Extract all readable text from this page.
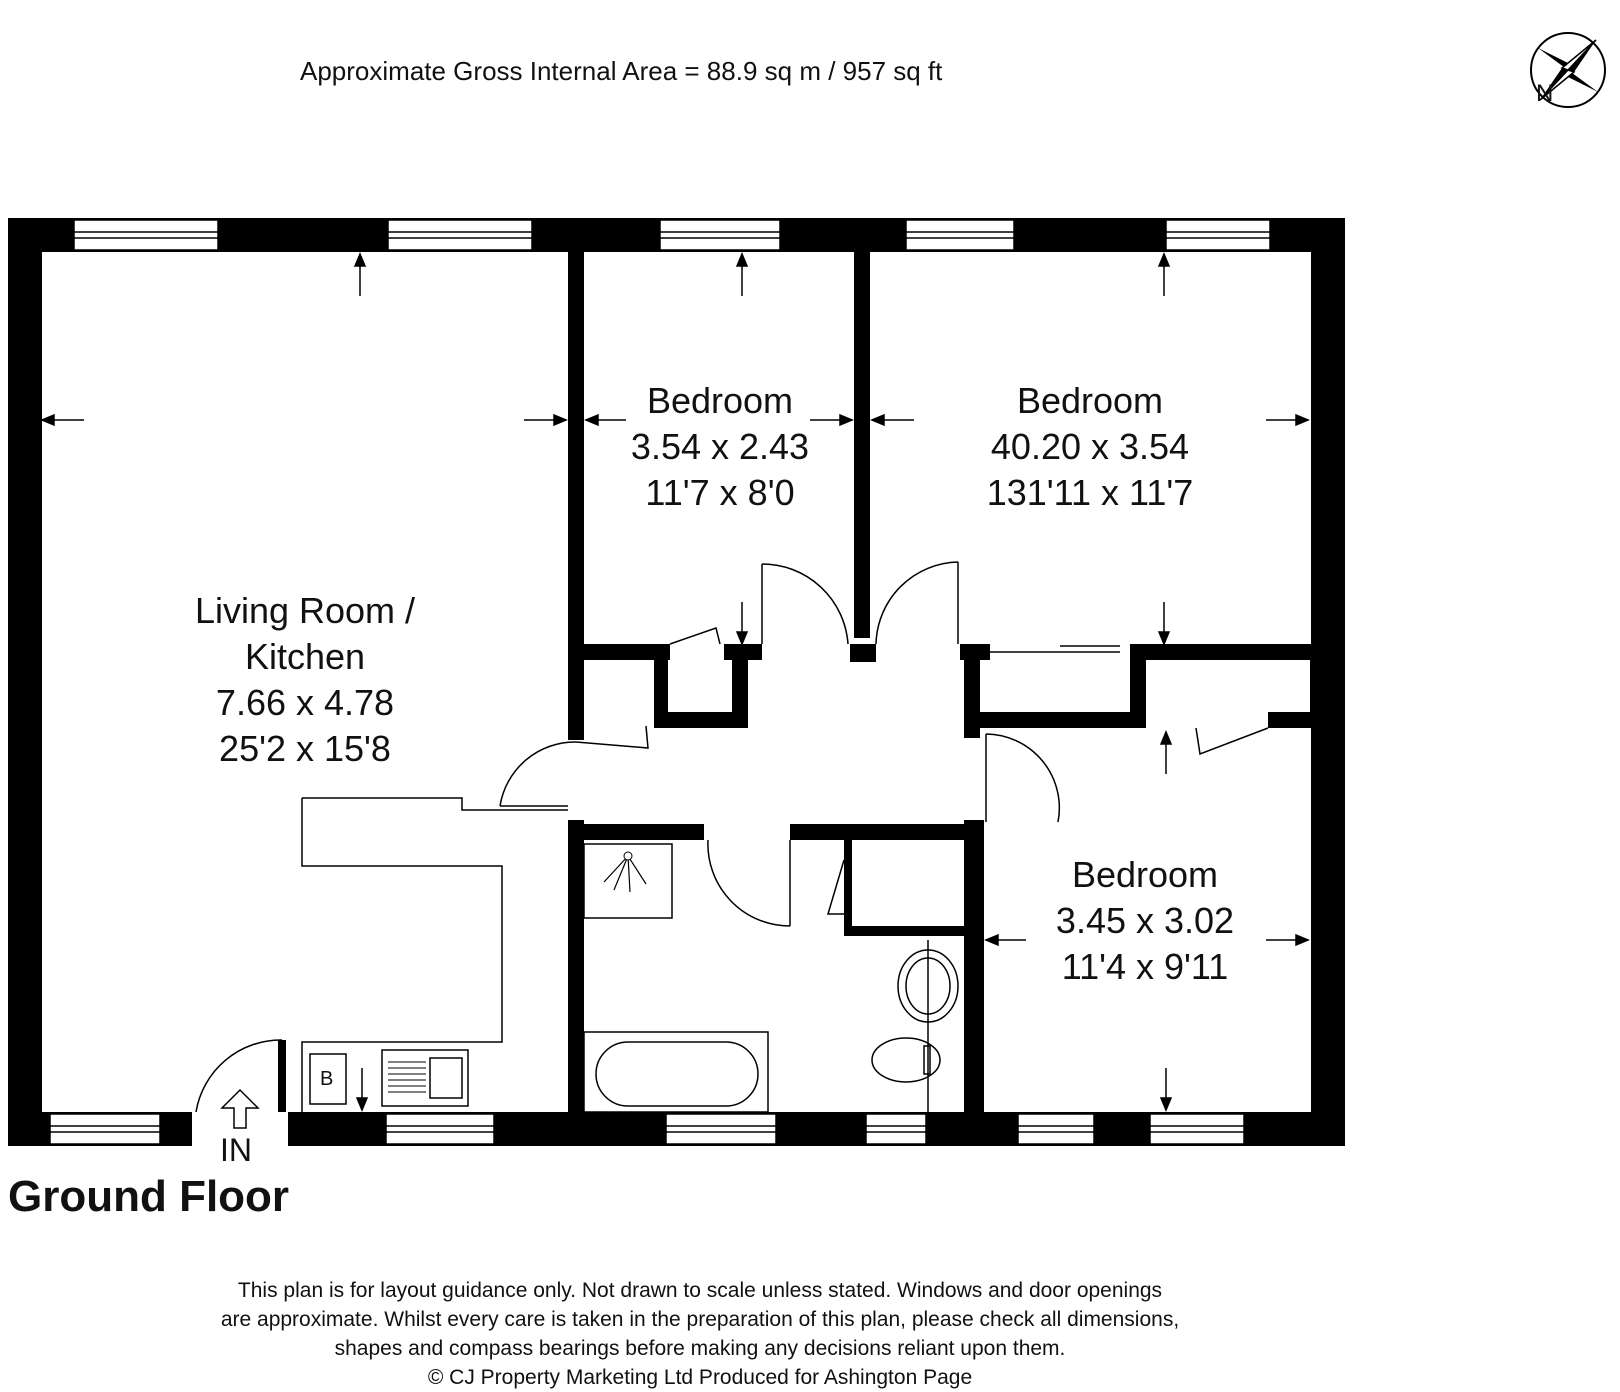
Approximate Gross Internal Area = 88.9 sq m / 957 sq ft
N
B
Living Room /
Kitchen
7.66 x 4.78
25'2 x 15'8
Bedroom
3.54 x 2.43
11'7 x 8'0
Bedroom
40.20 x 3.54
131'11 x 11'7
Bedroom
3.45 x 3.02
11'4 x 9'11
IN
Ground Floor
This plan is for layout guidance only. Not drawn to scale unless stated. Windows and door openings
are approximate. Whilst every care is taken in the preparation of this plan, please check all dimensions,
shapes and compass bearings before making any decisions reliant upon them.
© CJ Property Marketing Ltd Produced for Ashington Page
